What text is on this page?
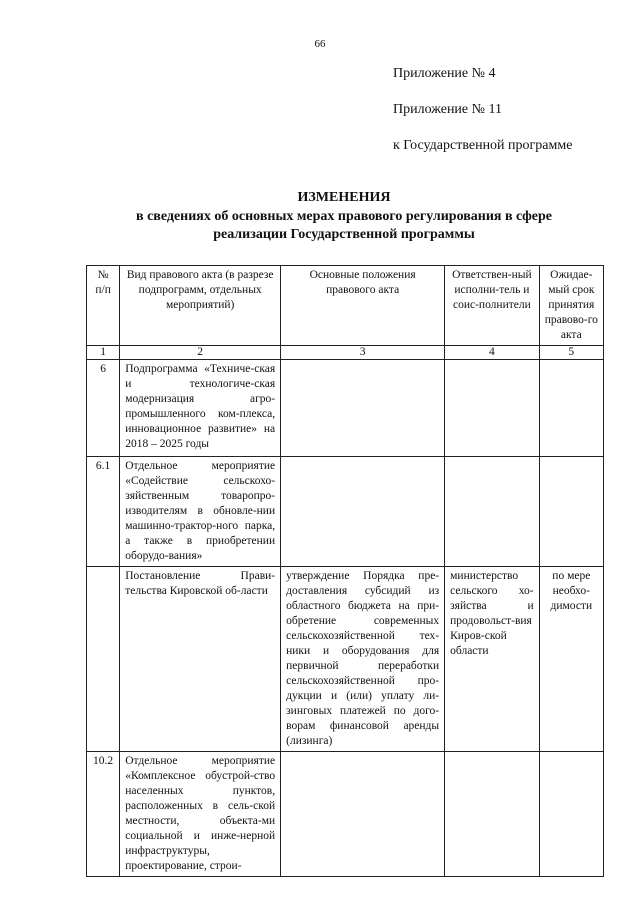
66
Приложение № 4
Приложение № 11
к Государственной программе
ИЗМЕНЕНИЯ
в сведениях об основных мерах правового регулирования в сфере
реализации Государственной программы
№ п/п	Вид правового акта (в разрезе подпрограмм, отдельных мероприятий)	Основные положения правового акта	Ответствен-ный исполни-тель и соис-полнители	Ожидае-мый срок принятия правово-го акта
1	2	3	4	5
6	Подпрограмма «Техниче-ская и технологиче-ская модернизация агро-промышленного ком-плекса, инновационное развитие» на 2018 – 2025 годы			
6.1	Отдельное мероприятие «Содействие сельскохо-зяйственным товаропро-изводителям в обновле-нии машинно-трактор-ного парка, а также в приобретении оборудо-вания»			
	Постановление Прави-тельства Кировской об-ласти	утверждение Порядка пре-доставления субсидий из областного бюджета на при-обретение современных сельскохозяйственной тех-ники и оборудования для первичной переработки сельскохозяйственной про-дукции и (или) уплату ли-зинговых платежей по дого-ворам финансовой аренды (лизинга)	министерство сельского хо-зяйства и продовольст-вия Киров-ской области	по мере необхо-димости
10.2	Отдельное мероприятие «Комплексное обустрой-ство населенных пунктов, расположенных в сель-ской местности, объекта-ми социальной и инже-нерной инфраструктуры, проектирование, строи-			
